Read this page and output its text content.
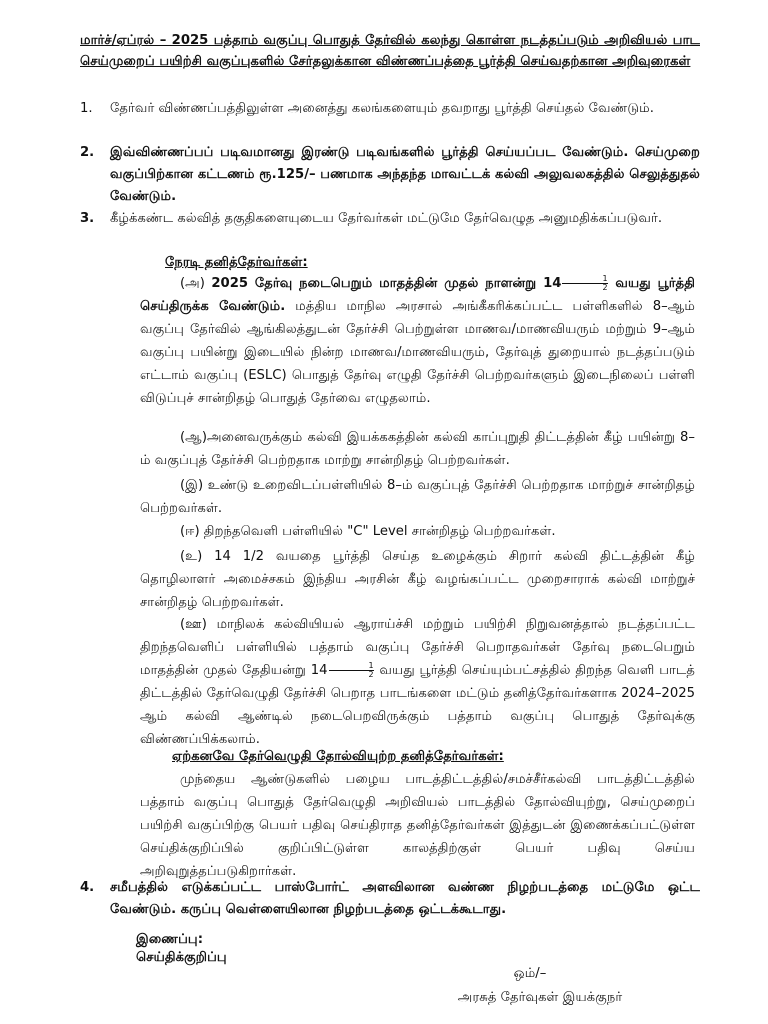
மார்ச்/ஏப்ரல் – 2025 பத்தாம் வகுப்பு பொதுத் தேர்வில் கலந்து கொள்ள நடத்தப்படும் அறிவியல் பாட செய்முறைப் பயிற்சி வகுப்புகளில் சேர்தலுக்கான விண்ணப்பத்தை பூர்த்தி செய்வதற்கான அறிவுரைகள்
1. தேர்வர் விண்ணப்பத்திலுள்ள அனைத்து கலங்களையும் தவறாது பூர்த்தி செய்தல் வேண்டும்.
2. இவ்விண்ணப்பப் படிவமானது இரண்டு படிவங்களில் பூர்த்தி செய்யப்பட வேண்டும். செய்முறை வகுப்பிற்கான கட்டணம் ரூ.125/– பணமாக அந்தந்த மாவட்டக் கல்வி அலுவலகத்தில் செலுத்துதல் வேண்டும்.
3. கீழ்க்கண்ட கல்வித் தகுதிகளையுடைய தேர்வர்கள் மட்டுமே தேர்வெழுத அனுமதிக்கப்படுவர்.
நேரடி தனித்தேர்வர்கள்:
(அ) 2025 தேர்வு நடைபெறும் மாதத்தின் முதல் நாளன்று $14 \frac{1}{2}$ வயது பூர்த்தி செய்திருக்க வேண்டும். மத்திய மாநில அரசால் அங்கீகரிக்கப்பட்ட பள்ளிகளில் 8–ஆம் வகுப்பு தேர்வில் ஆங்கிலத்துடன் தேர்ச்சி பெற்றுள்ள மாணவ/மாணவியரும் மற்றும் 9–ஆம் வகுப்பு பயின்று இடையில் நின்ற மாணவ/மாணவியரும், தேர்வுத் துறையால் நடத்தப்படும் எட்டாம் வகுப்பு (ESLC) பொதுத் தேர்வு எழுதி தேர்ச்சி பெற்றவர்களும் இடைநிலைப் பள்ளி விடுப்புச் சான்றிதழ் பொதுத் தேர்வை எழுதலாம்.
(ஆ)அனைவருக்கும் கல்வி இயக்ககத்தின் கல்வி காப்புறுதி திட்டத்தின் கீழ் பயின்று 8– ம் வகுப்புத் தேர்ச்சி பெற்றதாக மாற்று சான்றிதழ் பெற்றவர்கள்.
(இ) உண்டு உறைவிடப்பள்ளியில் 8–ம் வகுப்புத் தேர்ச்சி பெற்றதாக மாற்றுச் சான்றிதழ் பெற்றவர்கள்.
(ஈ) திறந்தவெளி பள்ளியில் "C" Level சான்றிதழ் பெற்றவர்கள்.
(உ) 14 1/2 வயதை பூர்த்தி செய்த உழைக்கும் சிறார் கல்வி திட்டத்தின் கீழ் தொழிலாளர் அமைச்சகம் இந்திய அரசின் கீழ் வழங்கப்பட்ட முறைசாராக் கல்வி மாற்றுச் சான்றிதழ் பெற்றவர்கள்.
(ஊ) மாநிலக் கல்வியியல் ஆராய்ச்சி மற்றும் பயிற்சி நிறுவனத்தால் நடத்தப்பட்ட திறந்தவெளிப் பள்ளியில் பத்தாம் வகுப்பு தேர்ச்சி பெறாதவர்கள் தேர்வு நடைபெறும் மாதத்தின் முதல் தேதியன்று $14 \frac{1}{2}$ வயது பூர்த்தி செய்யும்பட்சத்தில் திறந்த வெளி பாடத் திட்டத்தில் தேர்வெழுதி தேர்ச்சி பெறாத பாடங்களை மட்டும் தனித்தேர்வர்களாக 2024–2025 ஆம் கல்வி ஆண்டில் நடைபெறவிருக்கும் பத்தாம் வகுப்பு பொதுத் தேர்வுக்கு விண்ணப்பிக்கலாம்.
ஏற்கனவே தேர்வெழுதி தோல்வியுற்ற தனித்தேர்வர்கள்:
முந்தைய ஆண்டுகளில் பழைய பாடத்திட்டத்தில்/சமச்சீர்கல்வி பாடத்திட்டத்தில் பத்தாம் வகுப்பு பொதுத் தேர்வெழுதி அறிவியல் பாடத்தில் தோல்வியுற்று, செய்முறைப் பயிற்சி வகுப்பிற்கு பெயர் பதிவு செய்திராத தனித்தேர்வர்கள் இத்துடன் இணைக்கப்பட்டுள்ள செய்திக்குறிப்பில் குறிப்பிட்டுள்ள காலத்திற்குள் பெயர் பதிவு செய்ய அறிவுறுத்தப்படுகிறார்கள்.
4. சமீபத்தில் எடுக்கப்பட்ட பாஸ்போர்ட் அளவிலான வண்ண நிழற்படத்தை மட்டுமே ஒட்ட வேண்டும். கருப்பு வெள்ளையிலான நிழற்படத்தை ஒட்டக்கூடாது.
இணைப்பு:
செய்திக்குறிப்பு
ஒம்/–
அரசுத் தேர்வுகள் இயக்குநர்
